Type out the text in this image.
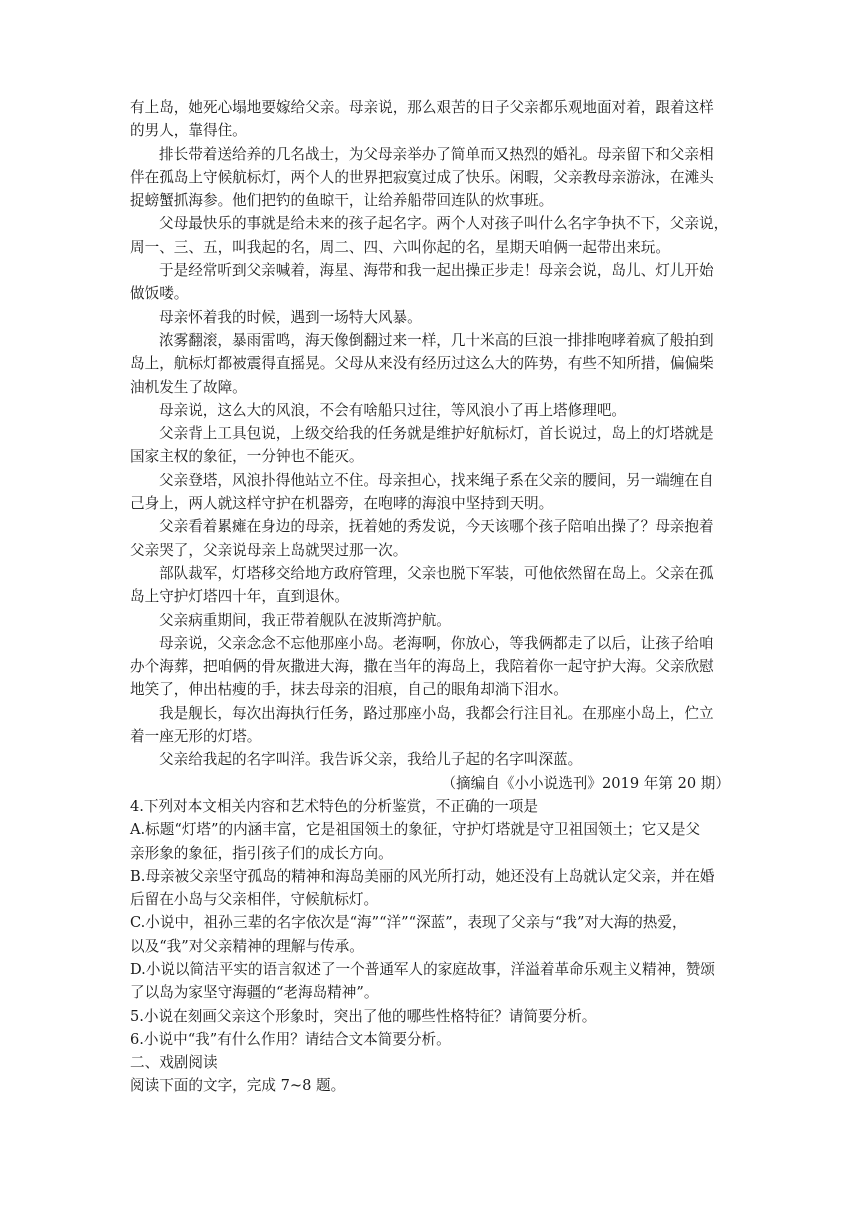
有上岛，她死心塌地要嫁给父亲。母亲说，那么艰苦的日子父亲都乐观地面对着，跟着这样
的男人，靠得住。
排长带着送给养的几名战士，为父母亲举办了简单而又热烈的婚礼。母亲留下和父亲相
伴在孤岛上守候航标灯，两个人的世界把寂寞过成了快乐。闲暇，父亲教母亲游泳，在滩头
捉螃蟹抓海参。他们把钓的鱼晾干，让给养船带回连队的炊事班。
父母最快乐的事就是给未来的孩子起名字。两个人对孩子叫什么名字争执不下，父亲说，
周一、三、五，叫我起的名，周二、四、六叫你起的名，星期天咱俩一起带出来玩。
于是经常听到父亲喊着，海星、海带和我一起出操正步走！母亲会说，岛儿、灯儿开始
做饭喽。
母亲怀着我的时候，遇到一场特大风暴。
浓雾翻滚，暴雨雷鸣，海天像倒翻过来一样，几十米高的巨浪一排排咆哮着疯了般拍到
岛上，航标灯都被震得直摇晃。父母从来没有经历过这么大的阵势，有些不知所措，偏偏柴
油机发生了故障。
母亲说，这么大的风浪，不会有啥船只过往，等风浪小了再上塔修理吧。
父亲背上工具包说，上级交给我的任务就是维护好航标灯，首长说过，岛上的灯塔就是
国家主权的象征，一分钟也不能灭。
父亲登塔，风浪扑得他站立不住。母亲担心，找来绳子系在父亲的腰间，另一端缠在自
己身上，两人就这样守护在机器旁，在咆哮的海浪中坚持到天明。
父亲看着累瘫在身边的母亲，抚着她的秀发说，今天该哪个孩子陪咱出操了？母亲抱着
父亲哭了，父亲说母亲上岛就哭过那一次。
部队裁军，灯塔移交给地方政府管理，父亲也脱下军装，可他依然留在岛上。父亲在孤
岛上守护灯塔四十年，直到退休。
父亲病重期间，我正带着舰队在波斯湾护航。
母亲说，父亲念念不忘他那座小岛。老海啊，你放心，等我俩都走了以后，让孩子给咱
办个海葬，把咱俩的骨灰撒进大海，撒在当年的海岛上，我陪着你一起守护大海。父亲欣慰
地笑了，伸出枯瘦的手，抹去母亲的泪痕，自己的眼角却淌下泪水。
我是舰长，每次出海执行任务，路过那座小岛，我都会行注目礼。在那座小岛上，伫立
着一座无形的灯塔。
父亲给我起的名字叫洋。我告诉父亲，我给儿子起的名字叫深蓝。
（摘编自《小小说选刊》2019 年第 20 期）
4.下列对本文相关内容和艺术特色的分析鉴赏，不正确的一项是
A.标题“灯塔”的内涵丰富，它是祖国领土的象征，守护灯塔就是守卫祖国领土；它又是父
亲形象的象征，指引孩子们的成长方向。
B.母亲被父亲坚守孤岛的精神和海岛美丽的风光所打动，她还没有上岛就认定父亲，并在婚
后留在小岛与父亲相伴，守候航标灯。
C.小说中，祖孙三辈的名字依次是“海”“洋”“深蓝”，表现了父亲与“我”对大海的热爱，
以及“我”对父亲精神的理解与传承。
D.小说以简洁平实的语言叙述了一个普通军人的家庭故事，洋溢着革命乐观主义精神，赞颂
了以岛为家坚守海疆的“老海岛精神”。
5.小说在刻画父亲这个形象时，突出了他的哪些性格特征？请简要分析。
6.小说中“我”有什么作用？请结合文本简要分析。
二、戏剧阅读
阅读下面的文字，完成 7~8 题。
